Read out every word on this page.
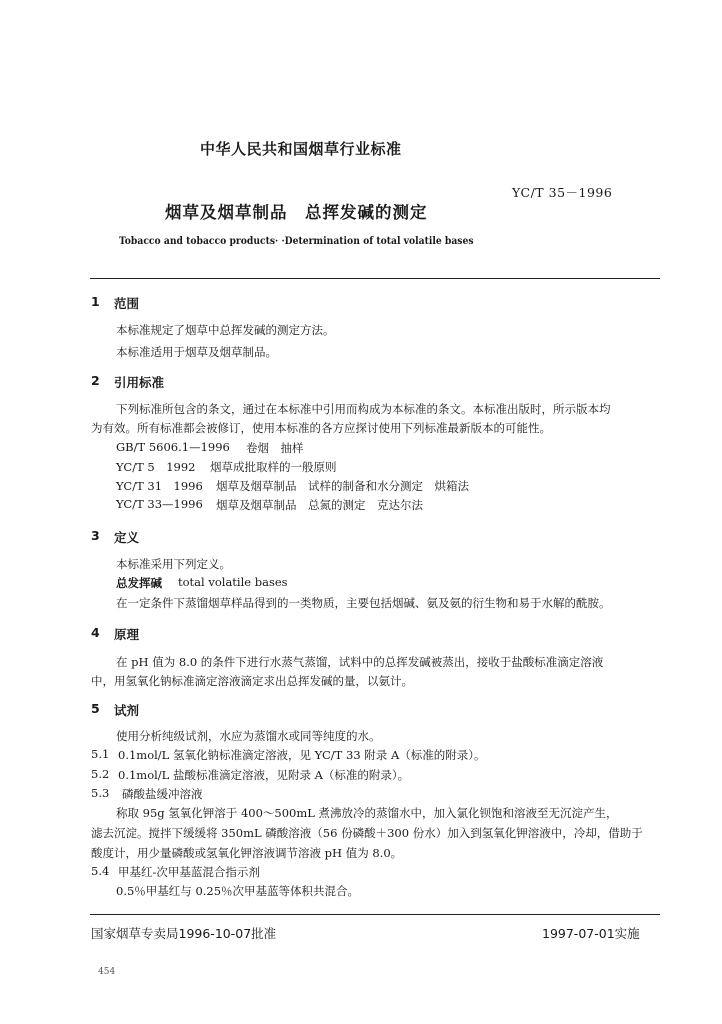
中华人民共和国烟草行业标准
YC/T 35－1996
烟草及烟草制品　总挥发碱的测定
Tobacco and tobacco products· ·Determination of total volatile bases
1 范围
本标准规定了烟草中总挥发碱的测定方法。
本标准适用于烟草及烟草制品。
2 引用标准
下列标准所包含的条文，通过在本标准中引用而构成为本标准的条文。本标准出版时，所示版本均
为有效。所有标准都会被修订，使用本标准的各方应探讨使用下列标准最新版本的可能性。
GB/T 5606.1—1996 卷烟　抽样
YC/T 5　1992 烟草成批取样的一般原则
YC/T 31　1996 烟草及烟草制品　试样的制备和水分测定　烘箱法
YC/T 33—1996 烟草及烟草制品　总氮的测定　克达尔法
3 定义
本标准采用下列定义。
总发挥碱 total volatile bases
在一定条件下蒸馏烟草样品得到的一类物质，主要包括烟碱、氨及氨的衍生物和易于水解的酰胺。
4 原理
在 pH 值为 8.0 的条件下进行水蒸气蒸馏，试料中的总挥发碱被蒸出，接收于盐酸标准滴定溶液
中，用氢氧化钠标准滴定溶液滴定求出总挥发碱的量，以氨计。
5 试剂
使用分析纯级试剂，水应为蒸馏水或同等纯度的水。
5.1 0.1mol/L 氢氧化钠标准滴定溶液，见 YC/T 33 附录 A（标准的附录）。
5.2 0.1mol/L 盐酸标准滴定溶液，见附录 A（标准的附录）。
5.3 磷酸盐缓冲溶液
称取 95g 氢氧化钾溶于 400～500mL 煮沸放冷的蒸馏水中，加入氯化钡饱和溶液至无沉淀产生，
滤去沉淀。搅拌下缓缓将 350mL 磷酸溶液（56 份磷酸＋300 份水）加入到氢氧化钾溶液中，冷却，借助于
酸度计，用少量磷酸或氢氧化钾溶液调节溶液 pH 值为 8.0。
5.4 甲基红-次甲基蓝混合指示剂
0.5％甲基红与 0.25％次甲基蓝等体积共混合。
国家烟草专卖局1996-10-07批准	1997-07-01实施
454
